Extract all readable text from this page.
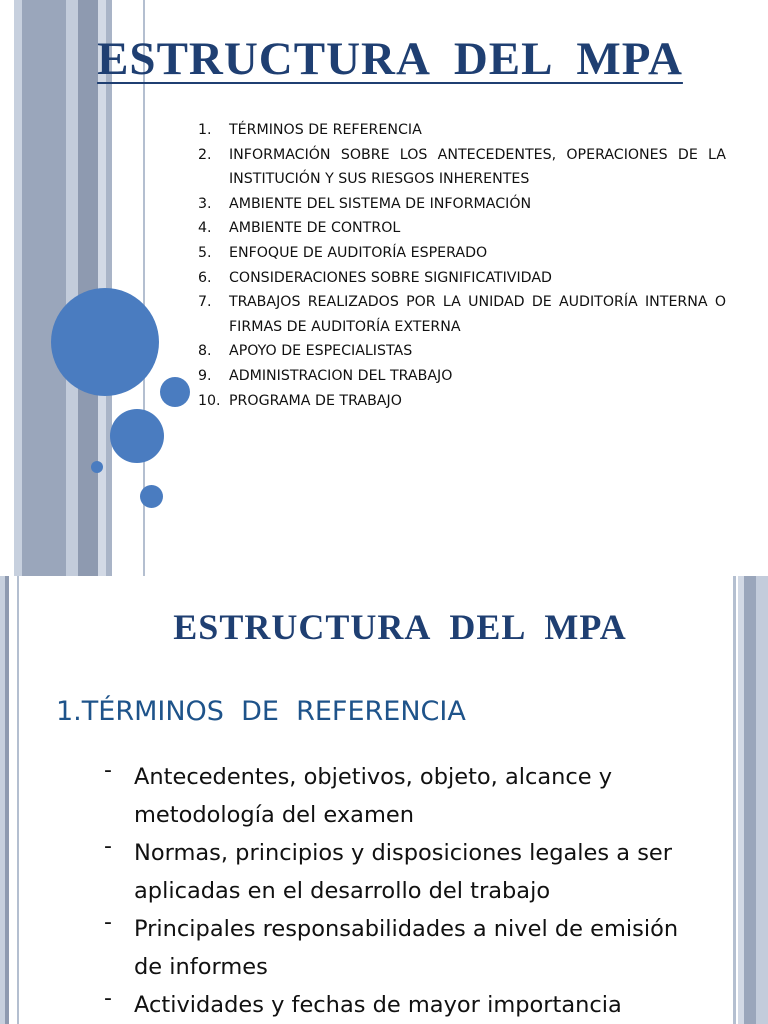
ESTRUCTURA  DEL  MPA
1.	TÉRMINOS DE REFERENCIA
2.	INFORMACIÓN SOBRE LOS ANTECEDENTES, OPERACIONES DE LA INSTITUCIÓN Y SUS RIESGOS INHERENTES
3.	AMBIENTE DEL SISTEMA DE INFORMACIÓN
4.	AMBIENTE DE CONTROL
5.	ENFOQUE DE AUDITORÍA ESPERADO
6.	CONSIDERACIONES SOBRE SIGNIFICATIVIDAD
7.	TRABAJOS REALIZADOS POR LA UNIDAD DE AUDITORÍA INTERNA O FIRMAS DE AUDITORÍA EXTERNA
8.	APOYO DE ESPECIALISTAS
9.	ADMINISTRACION DEL TRABAJO
10. PROGRAMA DE TRABAJO
ESTRUCTURA  DEL  MPA
1.TÉRMINOS  DE  REFERENCIA
- Antecedentes, objetivos, objeto, alcance y metodología del examen
- Normas, principios y disposiciones legales a ser aplicadas en el desarrollo del trabajo
- Principales responsabilidades a nivel de emisión de informes
- Actividades y fechas de mayor importancia
